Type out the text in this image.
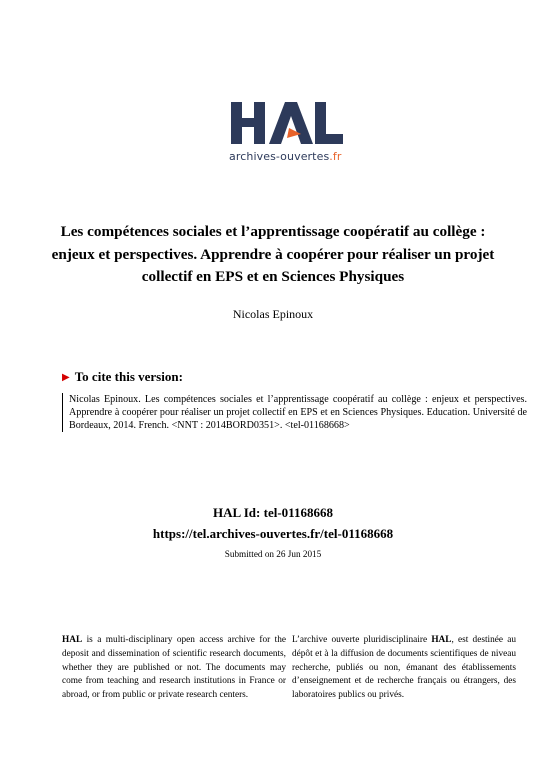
archives-ouvertes.fr
Les compétences sociales et l’apprentissage coopératif au collège : enjeux et perspectives. Apprendre à coopérer pour réaliser un projet collectif en EPS et en Sciences Physiques
Nicolas Epinoux
▶ To cite this version:
Nicolas Epinoux. Les compétences sociales et l’apprentissage coopératif au collège : enjeux et perspectives. Apprendre à coopérer pour réaliser un projet collectif en EPS et en Sciences Physiques. Education. Université de Bordeaux, 2014. French. <NNT : 2014BORD0351>. <tel-01168668>
HAL Id: tel-01168668
https://tel.archives-ouvertes.fr/tel-01168668
Submitted on 26 Jun 2015
HAL is a multi-disciplinary open access archive for the deposit and dissemination of scientific research documents, whether they are published or not. The documents may come from teaching and research institutions in France or abroad, or from public or private research centers.
L’archive ouverte pluridisciplinaire HAL, est destinée au dépôt et à la diffusion de documents scientifiques de niveau recherche, publiés ou non, émanant des établissements d’enseignement et de recherche français ou étrangers, des laboratoires publics ou privés.
